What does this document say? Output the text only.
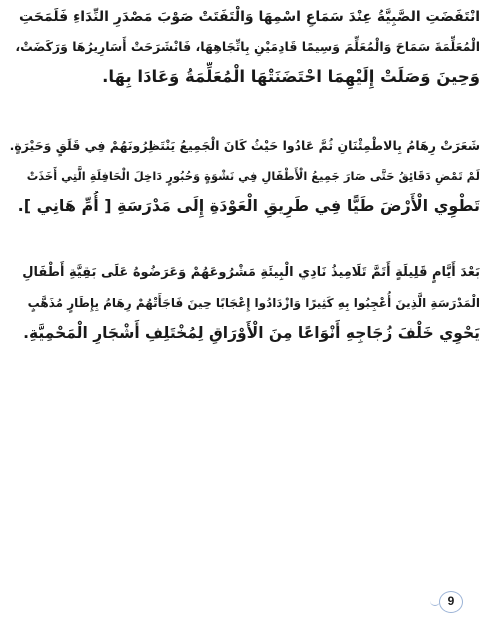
انْتَفَضَتِ الصَّبِيَّةُ عِنْدَ سَمَاعِ اسْمِهَا وَالْتَفَتَتْ صَوْبَ مَصْدَرِ النِّدَاءِ فَلَمَحَتِ
الْمُعَلِّمَةَ سَمَاحَ وَالْمُعَلِّمَ وَسِيمًا قَادِمَيْنِ بِاتِّجَاهِهَا، فَانْشَرَحَتْ أَسَارِيرُهَا وَرَكَضَتْ،
وَحِينَ وَصَلَتْ إِلَيْهِمَا احْتَضَنَتْهَا الْمُعَلِّمَةُ وَعَادَا بِهَا.
شَعَرَتْ رِهَامُ بِالاطْمِئْنَانِ ثُمَّ عَادُوا حَيْثُ كَانَ الْجَمِيعُ يَنْتَظِرُونَهُمْ فِي قَلَقٍ وَحَيْرَةٍ.
لَمْ تَمْضِ دَقَائِقُ حَتَّى صَارَ جَمِيعُ الْأَطْفَالِ فِي نَشْوَةٍ وَحُبُورٍ دَاخِلَ الْحَافِلَةِ الَّتِي أَخَذَتْ
تَطْوِي الْأَرْضَ طَيًّا فِي طَرِيقِ الْعَوْدَةِ إِلَى مَدْرَسَةِ [ أُمِّ هَانِي ].
بَعْدَ أَيَّامٍ قَلِيلَةٍ أَتَمَّ تَلَامِيذُ نَادِي الْبِيئَةِ مَشْرُوعَهُمْ وَعَرَضُوهُ عَلَى بَقِيَّةِ أَطْفَالِ
الْمَدْرَسَةِ الَّذِينَ أُعْجِبُوا بِهِ كَثِيرًا وَازْدَادُوا إِعْجَابًا حِينَ فَاجَأَتْهُمْ رِهَامُ بِإِطَارٍ مُذَهَّبٍ
يَحْوِي خَلْفَ زُجَاجِهِ أَنْوَاعًا مِنَ الْأَوْرَاقِ لِمُخْتَلِفِ أَشْجَارِ الْمَحْمِيَّةِ.
9
